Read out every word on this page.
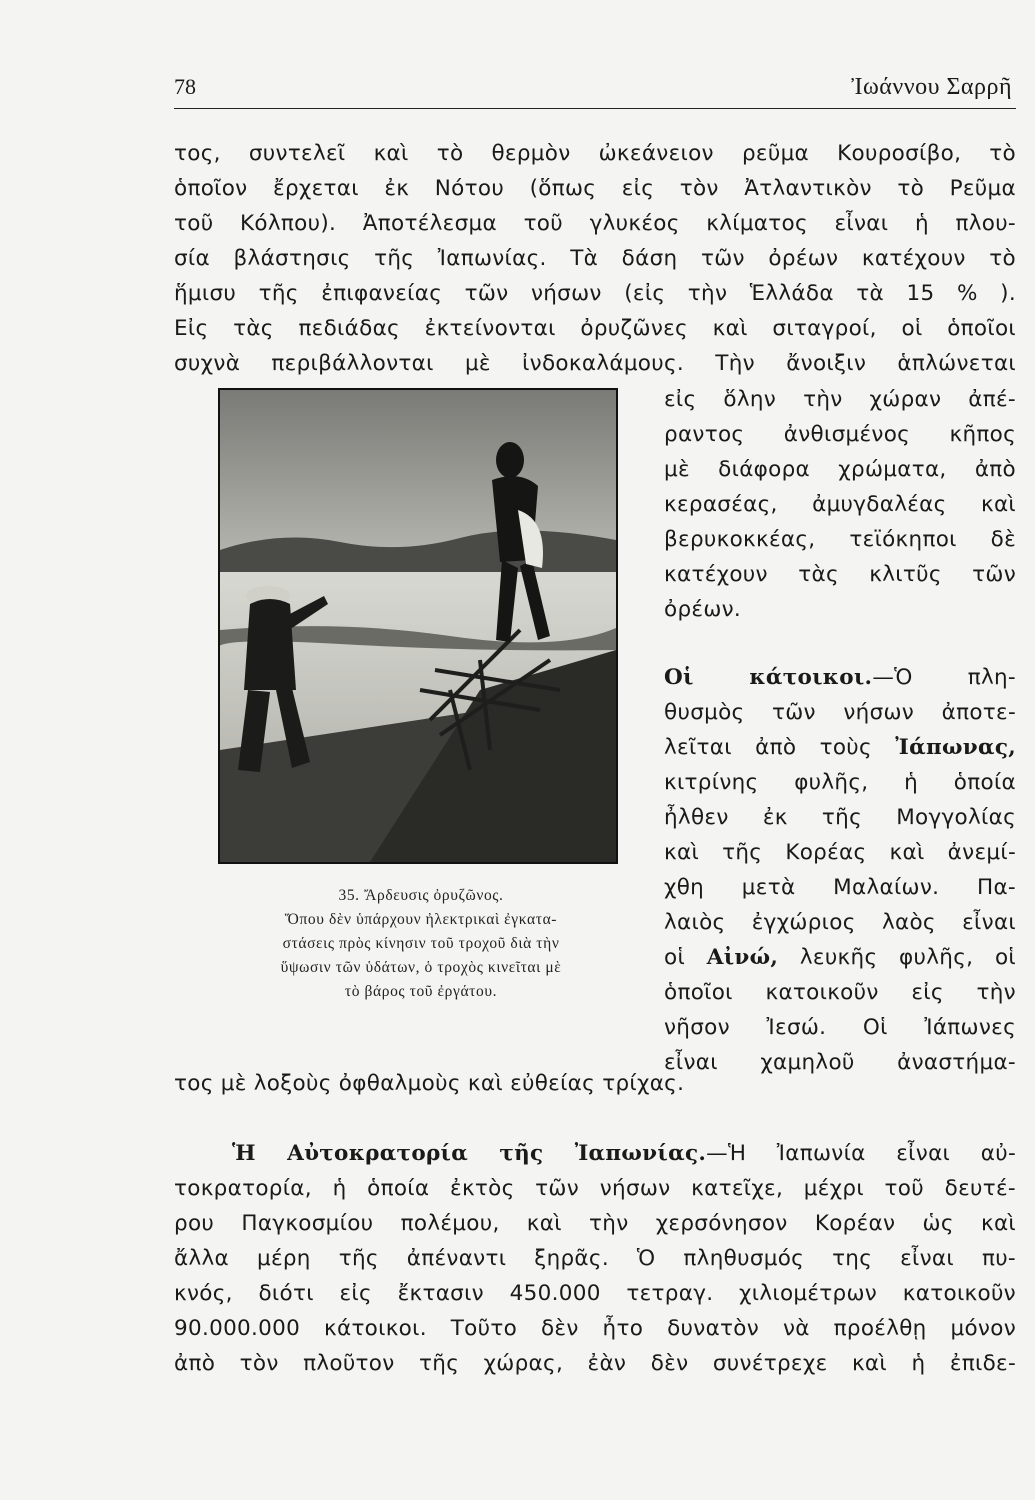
78	Ἰωάννου Σαρρῆ

τος, συντελεῖ καὶ τὸ θερμὸν ὠκεάνειον ρεῦμα Κουροσίβο, τὸ
ὁποῖον ἔρχεται ἐκ Νότου (ὅπως εἰς τὸν Ἀτλαντικὸν τὸ Ρεῦμα
τοῦ Κόλπου). Ἀποτέλεσμα τοῦ γλυκέος κλίματος εἶναι ἡ πλου-
σία βλάστησις τῆς Ἰαπωνίας. Τὰ δάση τῶν ὀρέων κατέχουν τὸ
ἥμισυ τῆς ἐπιφανείας τῶν νήσων (εἰς τὴν Ἑλλάδα τὰ 15 % ).
Εἰς τὰς πεδιάδας ἐκτείνονται ὀρυζῶνες καὶ σιταγροί, οἱ ὁποῖοι
συχνὰ περιβάλλονται μὲ ἰνδοκαλάμους. Τὴν ἄνοιξιν ἁπλώνεται

εἰς ὅλην τὴν χώραν ἀπέ-
ραντος ἀνθισμένος κῆπος
μὲ διάφορα χρώματα, ἀπὸ
κερασέας, ἀμυγδαλέας καὶ
βερυκοκκέας, τεϊόκηποι δὲ
κατέχουν τὰς κλιτῦς τῶν
ὀρέων.

35. Ἄρδευσις ὀρυζῶνος.
Ὅπου δὲν ὑπάρχουν ἠλεκτρικαὶ ἐγκατα-
στάσεις πρὸς κίνησιν τοῦ τροχοῦ διὰ τὴν
ὕψωσιν τῶν ὑδάτων, ὁ τροχὸς κινεῖται μὲ
τὸ βάρος τοῦ ἐργάτου.

Οἱ κάτοικοι.—Ὁ πλη-
θυσμὸς τῶν νήσων ἀποτε-
λεῖται ἀπὸ τοὺς Ἰάπωνας,
κιτρίνης φυλῆς, ἡ ὁποία
ἦλθεν ἐκ τῆς Μογγολίας
καὶ τῆς Κορέας καὶ ἀνεμί-
χθη μετὰ Μαλαίων. Πα-
λαιὸς ἐγχώριος λαὸς εἶναι
οἱ Αἰνώ, λευκῆς φυλῆς, οἱ
ὁποῖοι κατοικοῦν εἰς τὴν
νῆσον Ἰεσώ. Οἱ Ἰάπωνες
εἶναι χαμηλοῦ ἀναστήμα-

τος μὲ λοξοὺς ὀφθαλμοὺς καὶ εὐθείας τρίχας.

Ἡ Αὐτοκρατορία τῆς Ἰαπωνίας.—Ἡ Ἰαπωνία εἶναι αὐ-
τοκρατορία, ἡ ὁποία ἐκτὸς τῶν νήσων κατεῖχε, μέχρι τοῦ δευτέ-
ρου Παγκοσμίου πολέμου, καὶ τὴν χερσόνησον Κορέαν ὡς καὶ
ἄλλα μέρη τῆς ἀπέναντι ξηρᾶς. Ὁ πληθυσμός της εἶναι πυ-
κνός, διότι εἰς ἔκτασιν 450.000 τετραγ. χιλιομέτρων κατοικοῦν
90.000.000 κάτοικοι. Τοῦτο δὲν ἦτο δυνατὸν νὰ προέλθῃ μόνον
ἀπὸ τὸν πλοῦτον τῆς χώρας, ἐὰν δὲν συνέτρεχε καὶ ἡ ἐπιδε-
